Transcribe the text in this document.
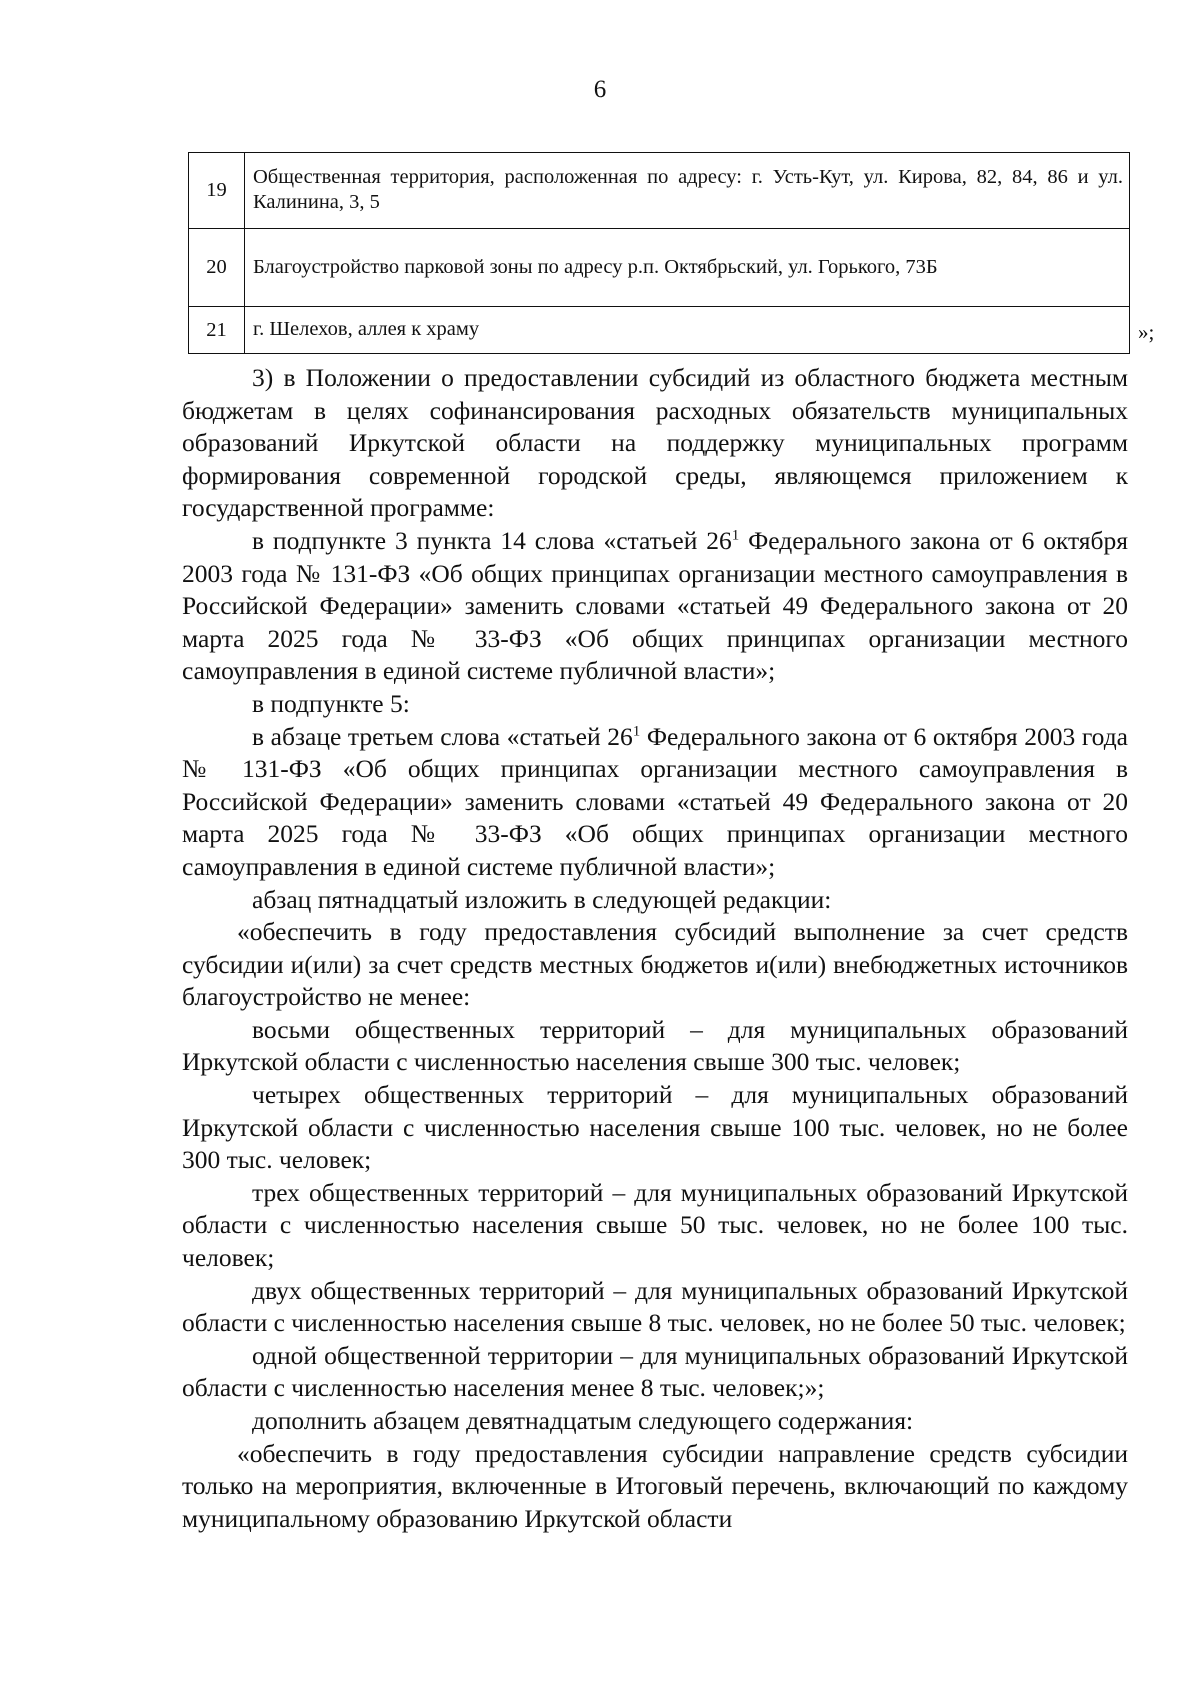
6
19	Общественная территория, расположенная по адресу: г. Усть-Кут, ул. Кирова, 82, 84, 86 и ул. Калинина, 3, 5
20	Благоустройство парковой зоны по адресу р.п. Октябрьский, ул. Горького, 73Б
21	г. Шелехов, аллея к храму	»;

3) в Положении о предоставлении субсидий из областного бюджета местным бюджетам в целях софинансирования расходных обязательств муниципальных образований Иркутской области на поддержку муниципальных программ формирования современной городской среды, являющемся приложением к государственной программе:

в подпункте 3 пункта 14 слова «статьей $26^1$ Федерального закона от 6 октября 2003 года № 131-ФЗ «Об общих принципах организации местного самоуправления в Российской Федерации» заменить словами «статьей 49 Федерального закона от 20 марта 2025 года № 33-ФЗ «Об общих принципах организации местного самоуправления в единой системе публичной власти»;

в подпункте 5:

в абзаце третьем слова «статьей $26^1$ Федерального закона от 6 октября 2003 года № 131-ФЗ «Об общих принципах организации местного самоуправления в Российской Федерации» заменить словами «статьей 49 Федерального закона от 20 марта 2025 года № 33-ФЗ «Об общих принципах организации местного самоуправления в единой системе публичной власти»;

абзац пятнадцатый изложить в следующей редакции:

«обеспечить в году предоставления субсидий выполнение за счет средств субсидии и(или) за счет средств местных бюджетов и(или) внебюджетных источников благоустройство не менее:

восьми общественных территорий – для муниципальных образований Иркутской области с численностью населения свыше 300 тыс. человек;

четырех общественных территорий – для муниципальных образований Иркутской области с численностью населения свыше 100 тыс. человек, но не более 300 тыс. человек;

трех общественных территорий – для муниципальных образований Иркутской области с численностью населения свыше 50 тыс. человек, но не более 100 тыс. человек;

двух общественных территорий – для муниципальных образований Иркутской области с численностью населения свыше 8 тыс. человек, но не более 50 тыс. человек;

одной общественной территории – для муниципальных образований Иркутской области с численностью населения менее 8 тыс. человек;»;

дополнить абзацем девятнадцатым следующего содержания:

«обеспечить в году предоставления субсидии направление средств субсидии только на мероприятия, включенные в Итоговый перечень, включающий по каждому муниципальному образованию Иркутской области
